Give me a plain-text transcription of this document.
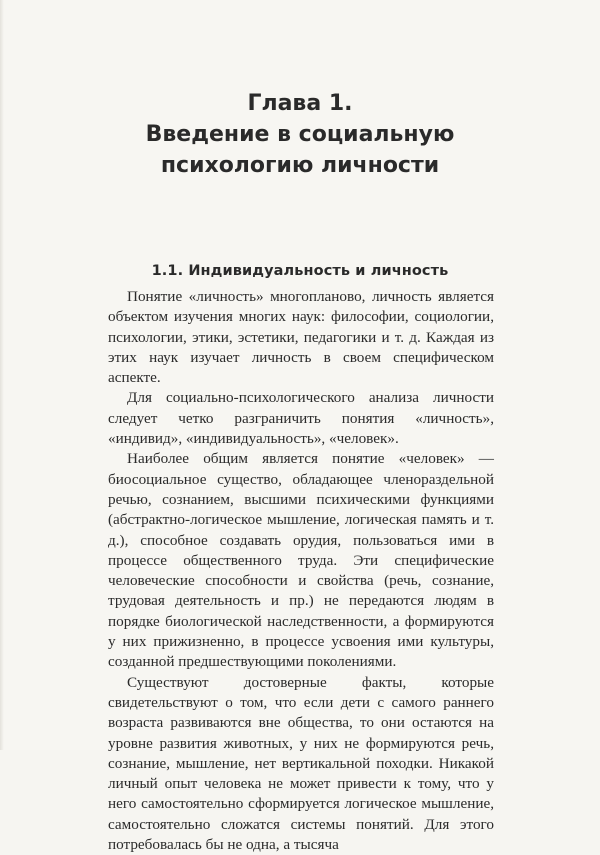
Глава 1.
Введение в социальную
психологию личности
1.1. Индивидуальность и личность

Понятие «личность» многопланово, личность является объектом изучения многих наук: философии, социологии, психологии, этики, эстетики, педагогики и т. д. Каждая из этих наук изучает личность в своем специфическом аспекте.

Для социально-психологического анализа личности следует четко разграничить понятия «личность», «индивид», «индивидуальность», «человек».

Наиболее общим является понятие «человек» — биосоциальное существо, обладающее членораздельной речью, сознанием, высшими психическими функциями (абстрактно-логическое мышление, логическая память и т. д.), способное создавать орудия, пользоваться ими в процессе общественного труда. Эти специфические человеческие способности и свойства (речь, сознание, трудовая деятельность и пр.) не передаются людям в порядке биологической наследственности, а формируются у них прижизненно, в процессе усвоения ими культуры, созданной предшествующими поколениями.

Существуют достоверные факты, которые свидетельствуют о том, что если дети с самого раннего возраста развиваются вне общества, то они остаются на уровне развития животных, у них не формируются речь, сознание, мышление, нет вертикальной походки. Никакой личный опыт человека не может привести к тому, что у него самостоятельно сформируется логическое мышление, самостоятельно сложатся системы понятий. Для этого потребовалась бы не одна, а тысяча
